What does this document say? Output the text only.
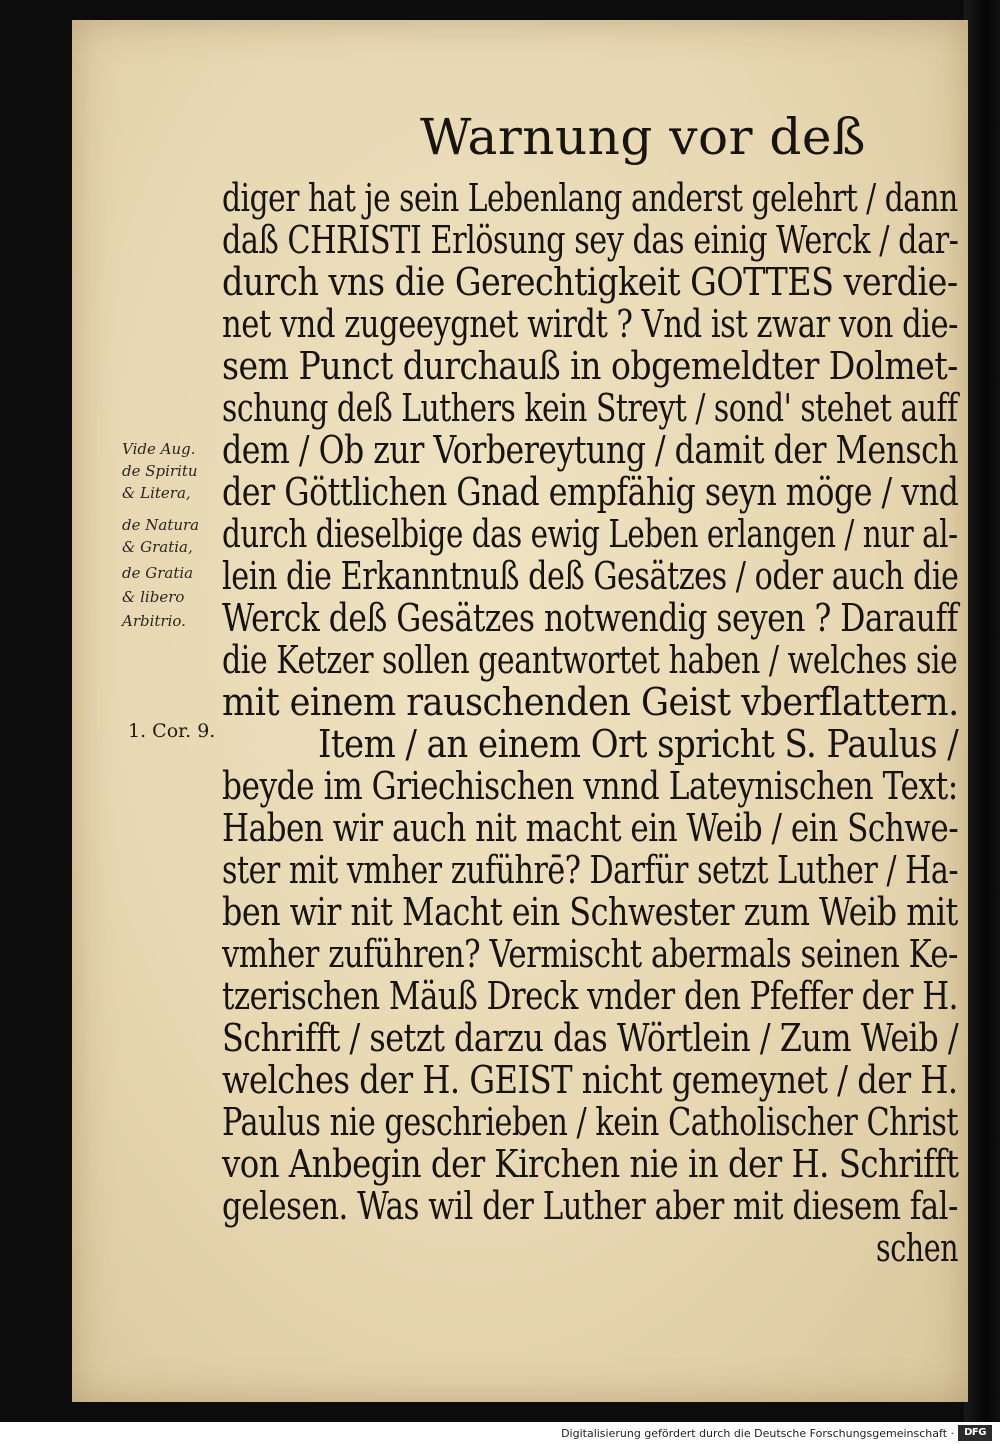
Warnung vor deß
diger hat je sein Lebenlang anderst gelehrt / dann
daß CHRISTI Erlösung sey das einig Werck / dar-
durch vns die Gerechtigkeit GOTTES verdie-
net vnd zugeeygnet wirdt ? Vnd ist zwar von die-
sem Punct durchauß in obgemeldter Dolmet-
schung deß Luthers kein Streyt / sond' stehet auff
dem / Ob zur Vorbereytung / damit der Mensch
der Göttlichen Gnad empfähig seyn möge / vnd
durch dieselbige das ewig Leben erlangen / nur al-
lein die Erkanntnuß deß Gesätzes / oder auch die
Werck deß Gesätzes notwendig seyen ? Darauff
die Ketzer sollen geantwortet haben / welches sie
mit einem rauschenden Geist vberflattern.
Item / an einem Ort spricht S. Paulus /
beyde im Griechischen vnnd Lateynischen Text:
Haben wir auch nit macht ein Weib / ein Schwe-
ster mit vmher zuführē? Darfür setzt Luther / Ha-
ben wir nit Macht ein Schwester zum Weib mit
vmher zuführen? Vermischt abermals seinen Ke-
tzerischen Mäuß Dreck vnder den Pfeffer der H.
Schrifft / setzt darzu das Wörtlein / Zum Weib /
welches der H. GEIST nicht gemeynet / der H.
Paulus nie geschrieben / kein Catholischer Christ
von Anbegin der Kirchen nie in der H. Schrifft
gelesen. Was wil der Luther aber mit diesem fal-
schen
Vide Aug.
de Spiritu
& Litera,
de Natura
& Gratia,
de Gratia
& libero
Arbitrio.
1. Cor. 9.
Digitalisierung gefördert durch die Deutsche Forschungsgemeinschaft ·	DFG
